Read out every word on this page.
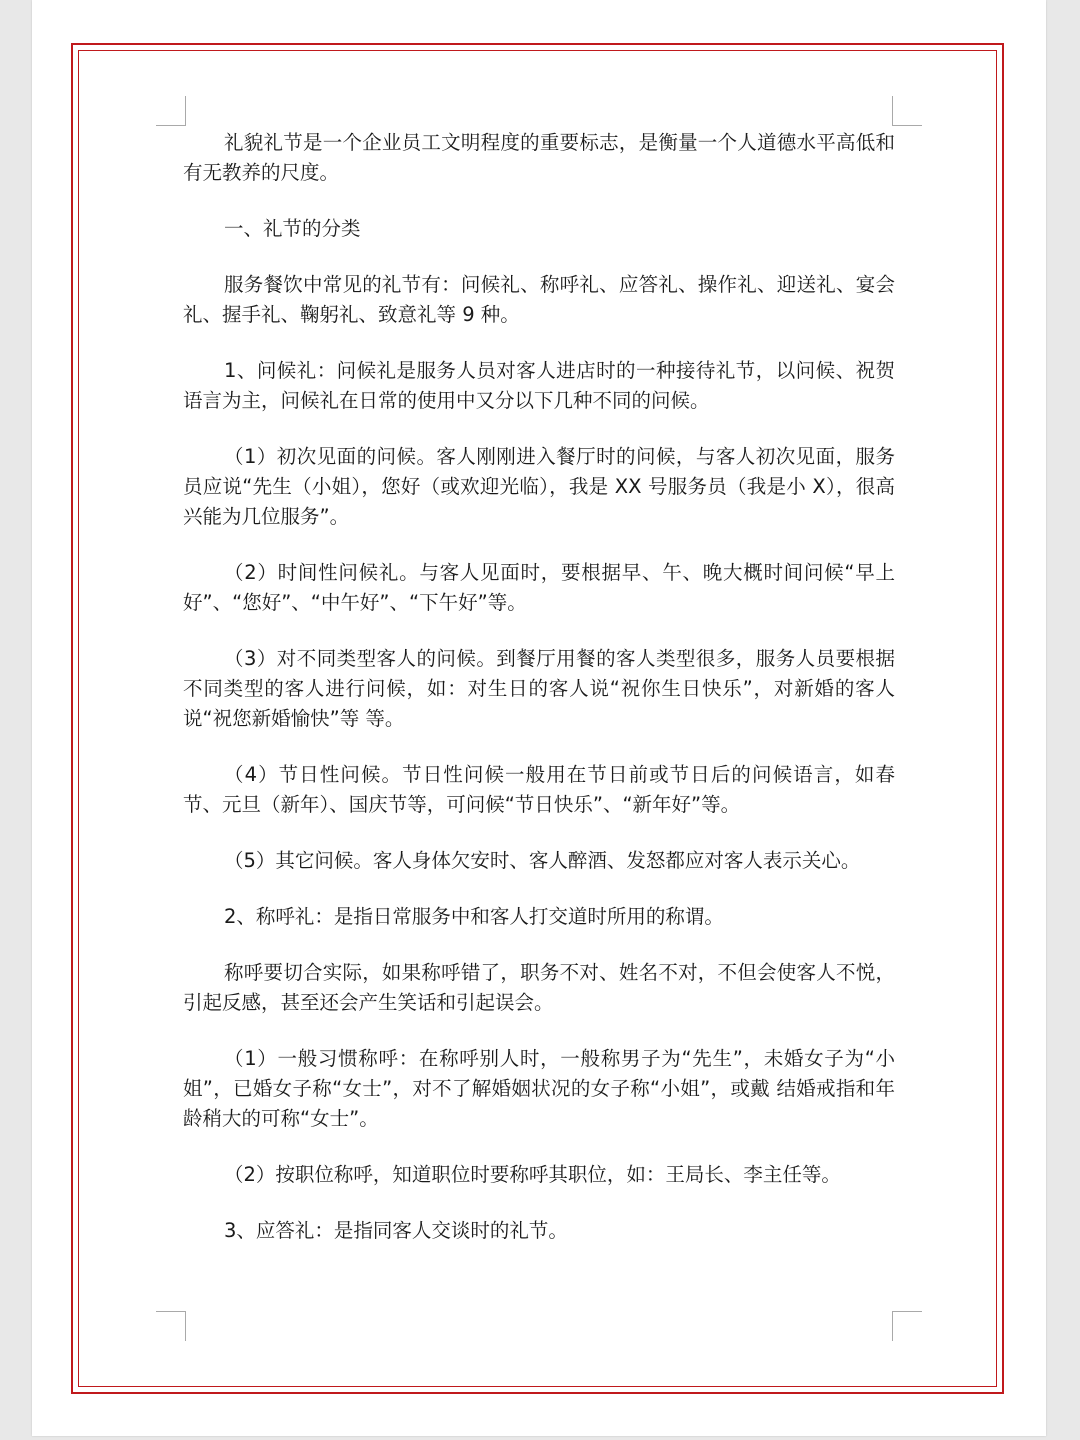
礼貌礼节是一个企业员工文明程度的重要标志，是衡量一个人道德水平高低和有无教养的尺度。

一、礼节的分类

服务餐饮中常见的礼节有：问候礼、称呼礼、应答礼、操作礼、迎送礼、宴会礼、握手礼、鞠躬礼、致意礼等 9 种。

1、问候礼：问候礼是服务人员对客人进店时的一种接待礼节，以问候、祝贺语言为主，问候礼在日常的使用中又分以下几种不同的问候。

（1）初次见面的问候。客人刚刚进入餐厅时的问候，与客人初次见面，服务员应说“先生（小姐），您好（或欢迎光临），我是 XX 号服务员（我是小 X），很高兴能为几位服务”。

（2）时间性问候礼。与客人见面时，要根据早、午、晚大概时间问候“早上好”、“您好”、“中午好”、“下午好”等。

（3）对不同类型客人的问候。到餐厅用餐的客人类型很多，服务人员要根据不同类型的客人进行问候，如：对生日的客人说“祝你生日快乐”，对新婚的客人说“祝您新婚愉快”等 等。

（4）节日性问候。节日性问候一般用在节日前或节日后的问候语言，如春节、元旦（新年）、国庆节等，可问候“节日快乐”、“新年好”等。

（5）其它问候。客人身体欠安时、客人醉酒、发怒都应对客人表示关心。

2、称呼礼：是指日常服务中和客人打交道时所用的称谓。

称呼要切合实际，如果称呼错了，职务不对、姓名不对，不但会使客人不悦，引起反感，甚至还会产生笑话和引起误会。

（1）一般习惯称呼：在称呼别人时，一般称男子为“先生”，未婚女子为“小姐”，已婚女子称“女士”，对不了解婚姻状况的女子称“小姐”，或戴 结婚戒指和年龄稍大的可称“女士”。

（2）按职位称呼，知道职位时要称呼其职位，如：王局长、李主任等。

3、应答礼：是指同客人交谈时的礼节。
